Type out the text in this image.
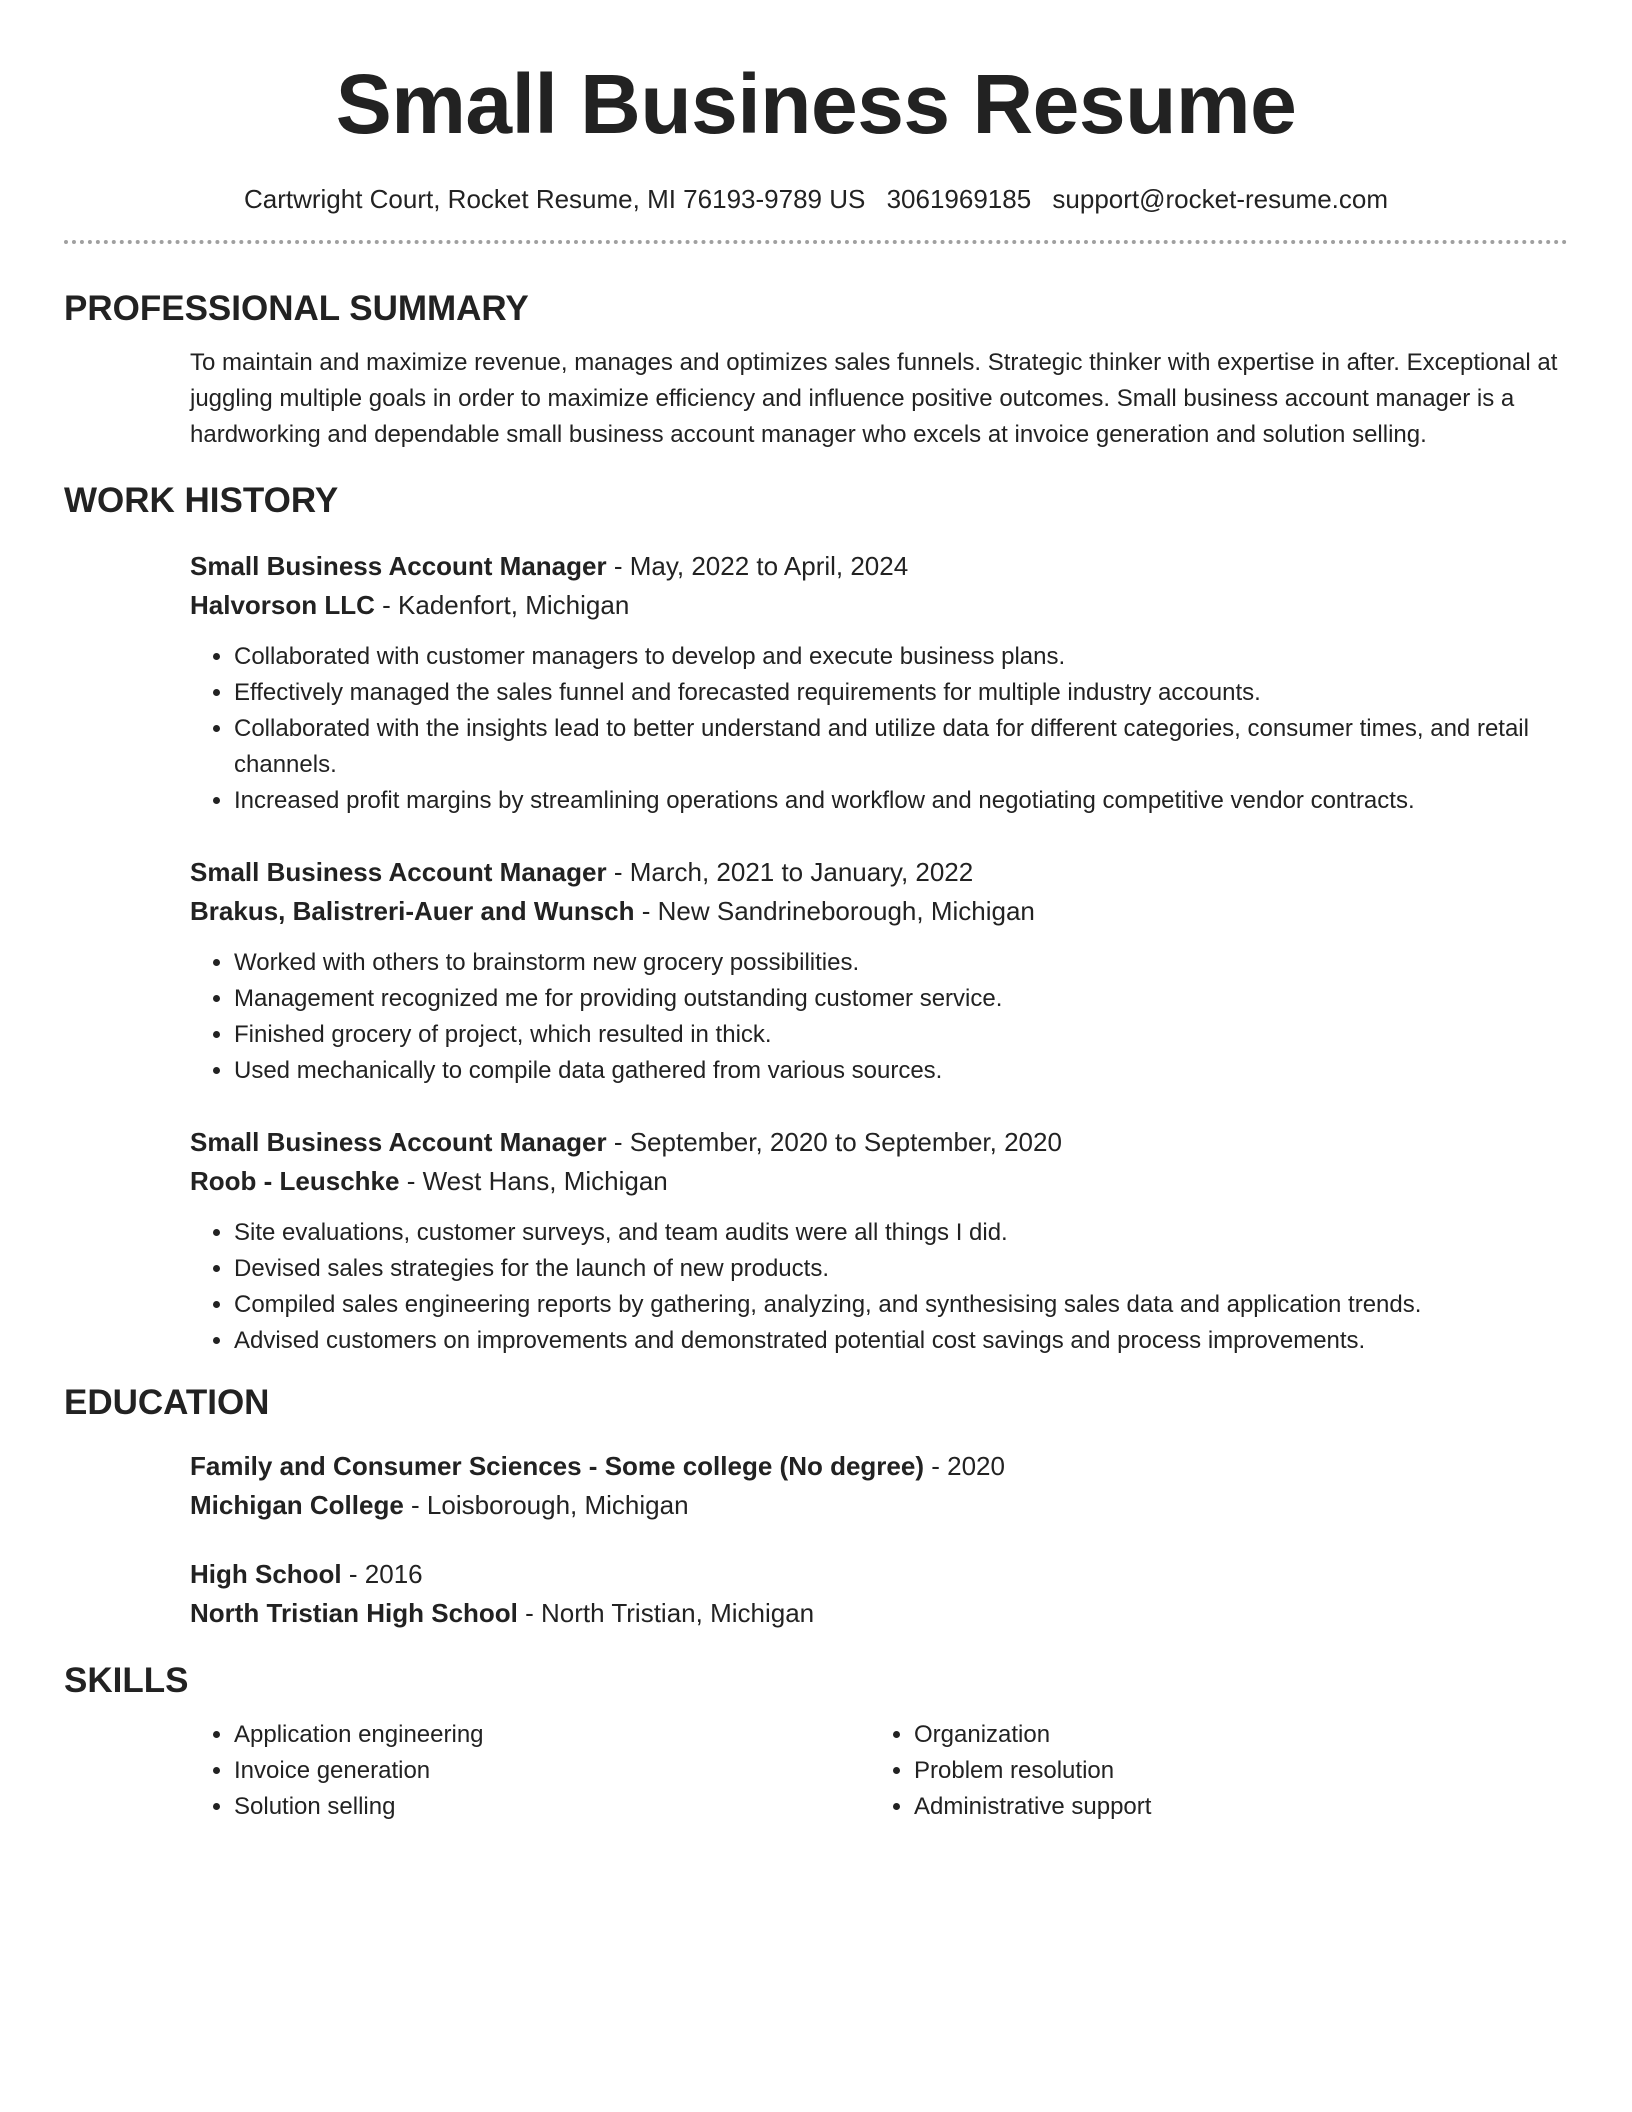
Small Business Resume
Cartwright Court, Rocket Resume, MI 76193-9789 US 3061969185 support@rocket-resume.com
PROFESSIONAL SUMMARY
To maintain and maximize revenue, manages and optimizes sales funnels. Strategic thinker with expertise in after. Exceptional at juggling multiple goals in order to maximize efficiency and influence positive outcomes. Small business account manager is a hardworking and dependable small business account manager who excels at invoice generation and solution selling.
WORK HISTORY
Small Business Account Manager - May, 2022 to April, 2024
Halvorson LLC - Kadenfort, Michigan
• Collaborated with customer managers to develop and execute business plans.
• Effectively managed the sales funnel and forecasted requirements for multiple industry accounts.
• Collaborated with the insights lead to better understand and utilize data for different categories, consumer times, and retail channels.
• Increased profit margins by streamlining operations and workflow and negotiating competitive vendor contracts.
Small Business Account Manager - March, 2021 to January, 2022
Brakus, Balistreri-Auer and Wunsch - New Sandrineborough, Michigan
• Worked with others to brainstorm new grocery possibilities.
• Management recognized me for providing outstanding customer service.
• Finished grocery of project, which resulted in thick.
• Used mechanically to compile data gathered from various sources.
Small Business Account Manager - September, 2020 to September, 2020
Roob - Leuschke - West Hans, Michigan
• Site evaluations, customer surveys, and team audits were all things I did.
• Devised sales strategies for the launch of new products.
• Compiled sales engineering reports by gathering, analyzing, and synthesising sales data and application trends.
• Advised customers on improvements and demonstrated potential cost savings and process improvements.
EDUCATION
Family and Consumer Sciences - Some college (No degree) - 2020
Michigan College - Loisborough, Michigan
High School - 2016
North Tristian High School - North Tristian, Michigan
SKILLS
• Application engineering
• Invoice generation
• Solution selling
• Organization
• Problem resolution
• Administrative support
